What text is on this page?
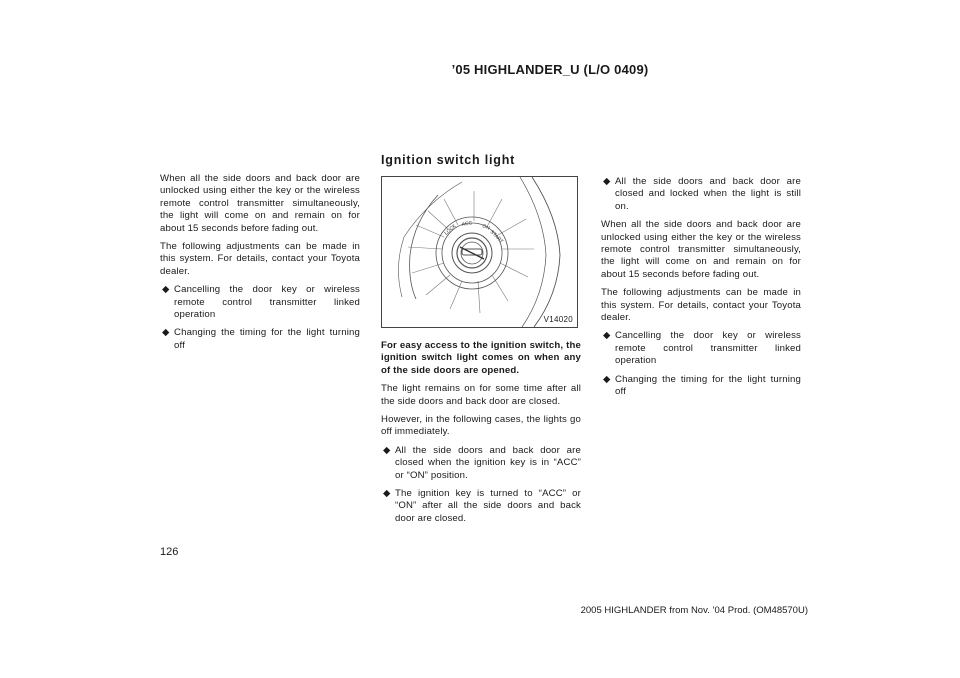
’05 HIGHLANDER_U (L/O 0409)
Ignition switch light

When all the side doors and back door are unlocked using either the key or the wireless remote control transmitter simultaneously, the light will come on and remain on for about 15 seconds before fading out.

The following adjustments can be made in this system. For details, contact your Toyota dealer.

◆ Cancelling the door key or wireless remote control transmitter linked operation
◆ Changing the timing for the light turning off
LOCK ACC ON
START
V14020

For easy access to the ignition switch, the ignition switch light comes on when any of the side doors are opened.

The light remains on for some time after all the side doors and back door are closed.

However, in the following cases, the lights go off immediately.

◆ All the side doors and back door are closed when the ignition key is in “ACC” or “ON” position.
◆ The ignition key is turned to “ACC” or “ON” after all the side doors and back door are closed.
◆ All the side doors and back door are closed and locked when the light is still on.

When all the side doors and back door are unlocked using either the key or the wireless remote control transmitter simultaneously, the light will come on and remain on for about 15 seconds before fading out.

The following adjustments can be made in this system. For details, contact your Toyota dealer.

◆ Cancelling the door key or wireless remote control transmitter linked operation
◆ Changing the timing for the light turning off
126
2005 HIGHLANDER from Nov. ’04 Prod. (OM48570U)
